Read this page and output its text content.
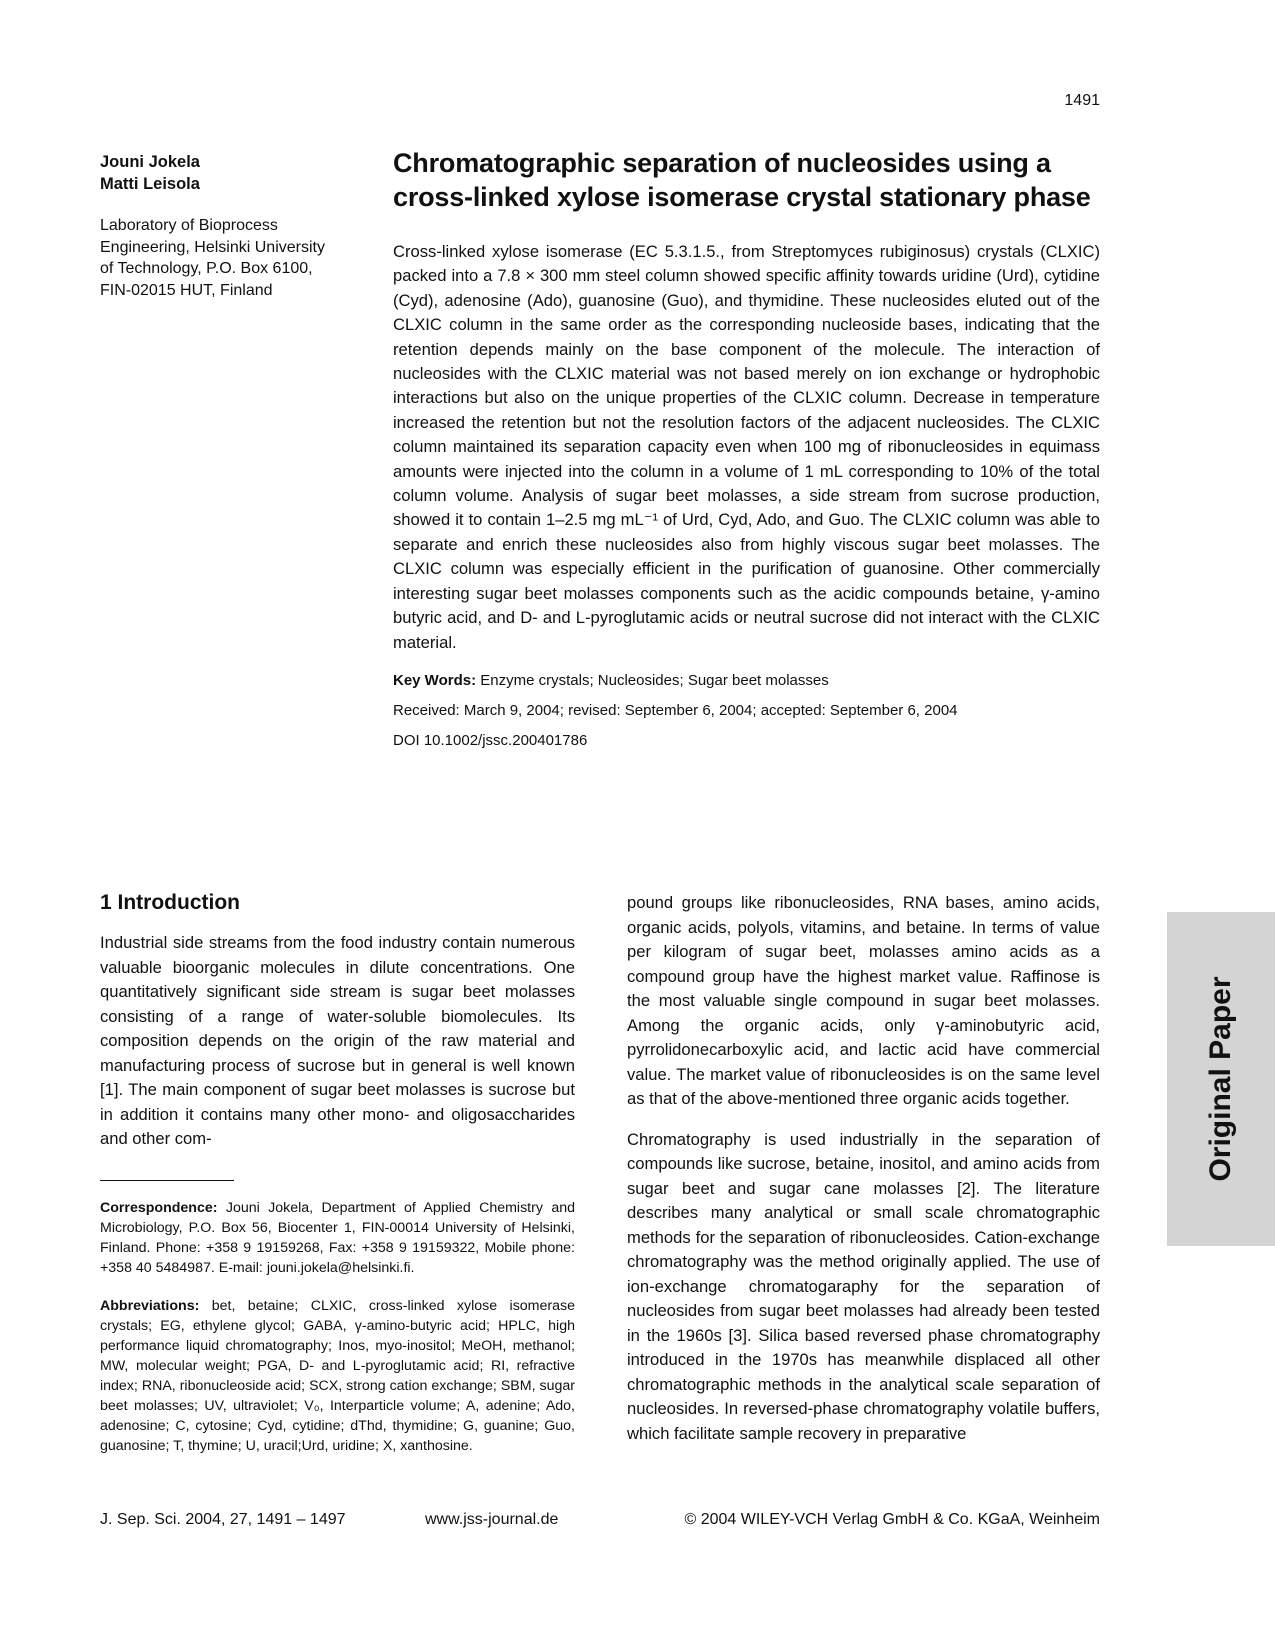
1491
Jouni Jokela
Matti Leisola
Laboratory of Bioprocess
Engineering, Helsinki University
of Technology, P.O. Box 6100,
FIN-02015 HUT, Finland
Chromatographic separation of nucleosides using a cross-linked xylose isomerase crystal stationary phase

Cross-linked xylose isomerase (EC 5.3.1.5., from Streptomyces rubiginosus) crystals (CLXIC) packed into a 7.8 × 300 mm steel column showed specific affinity towards uridine (Urd), cytidine (Cyd), adenosine (Ado), guanosine (Guo), and thymidine. These nucleosides eluted out of the CLXIC column in the same order as the corresponding nucleoside bases, indicating that the retention depends mainly on the base component of the molecule. The interaction of nucleosides with the CLXIC material was not based merely on ion exchange or hydrophobic interactions but also on the unique properties of the CLXIC column. Decrease in temperature increased the retention but not the resolution factors of the adjacent nucleosides. The CLXIC column maintained its separation capacity even when 100 mg of ribonucleosides in equimass amounts were injected into the column in a volume of 1 mL corresponding to 10% of the total column volume. Analysis of sugar beet molasses, a side stream from sucrose production, showed it to contain 1–2.5 mg mL⁻¹ of Urd, Cyd, Ado, and Guo. The CLXIC column was able to separate and enrich these nucleosides also from highly viscous sugar beet molasses. The CLXIC column was especially efficient in the purification of guanosine. Other commercially interesting sugar beet molasses components such as the acidic compounds betaine, γ-amino butyric acid, and D- and L-pyroglutamic acids or neutral sucrose did not interact with the CLXIC material.

Key Words: Enzyme crystals; Nucleosides; Sugar beet molasses

Received: March 9, 2004; revised: September 6, 2004; accepted: September 6, 2004

DOI 10.1002/jssc.200401786

Original Paper
1 Introduction

Industrial side streams from the food industry contain numerous valuable bioorganic molecules in dilute concentrations. One quantitatively significant side stream is sugar beet molasses consisting of a range of water-soluble biomolecules. Its composition depends on the origin of the raw material and manufacturing process of sucrose but in general is well known [1]. The main component of sugar beet molasses is sucrose but in addition it contains many other mono- and oligosaccharides and other com-

Correspondence: Jouni Jokela, Department of Applied Chemistry and Microbiology, P.O. Box 56, Biocenter 1, FIN-00014 University of Helsinki, Finland. Phone: +358 9 19159268, Fax: +358 9 19159322, Mobile phone: +358 40 5484987. E-mail: jouni.jokela@helsinki.fi.

Abbreviations: bet, betaine; CLXIC, cross-linked xylose isomerase crystals; EG, ethylene glycol; GABA, γ-amino-butyric acid; HPLC, high performance liquid chromatography; Inos, myo-inositol; MeOH, methanol; MW, molecular weight; PGA, D- and L-pyroglutamic acid; RI, refractive index; RNA, ribonucleoside acid; SCX, strong cation exchange; SBM, sugar beet molasses; UV, ultraviolet; V₀, Interparticle volume; A, adenine; Ado, adenosine; C, cytosine; Cyd, cytidine; dThd, thymidine; G, guanine; Guo, guanosine; T, thymine; U, uracil;Urd, uridine; X, xanthosine.

pound groups like ribonucleosides, RNA bases, amino acids, organic acids, polyols, vitamins, and betaine. In terms of value per kilogram of sugar beet, molasses amino acids as a compound group have the highest market value. Raffinose is the most valuable single compound in sugar beet molasses. Among the organic acids, only γ-aminobutyric acid, pyrrolidonecarboxylic acid, and lactic acid have commercial value. The market value of ribonucleosides is on the same level as that of the above-mentioned three organic acids together.

Chromatography is used industrially in the separation of compounds like sucrose, betaine, inositol, and amino acids from sugar beet and sugar cane molasses [2]. The literature describes many analytical or small scale chromatographic methods for the separation of ribonucleosides. Cation-exchange chromatography was the method originally applied. The use of ion-exchange chromatogaraphy for the separation of nucleosides from sugar beet molasses had already been tested in the 1960s [3]. Silica based reversed phase chromatography introduced in the 1970s has meanwhile displaced all other chromatographic methods in the analytical scale separation of nucleosides. In reversed-phase chromatography volatile buffers, which facilitate sample recovery in preparative

J. Sep. Sci. 2004, 27, 1491 – 1497	www.jss-journal.de	© 2004 WILEY-VCH Verlag GmbH & Co. KGaA, Weinheim
